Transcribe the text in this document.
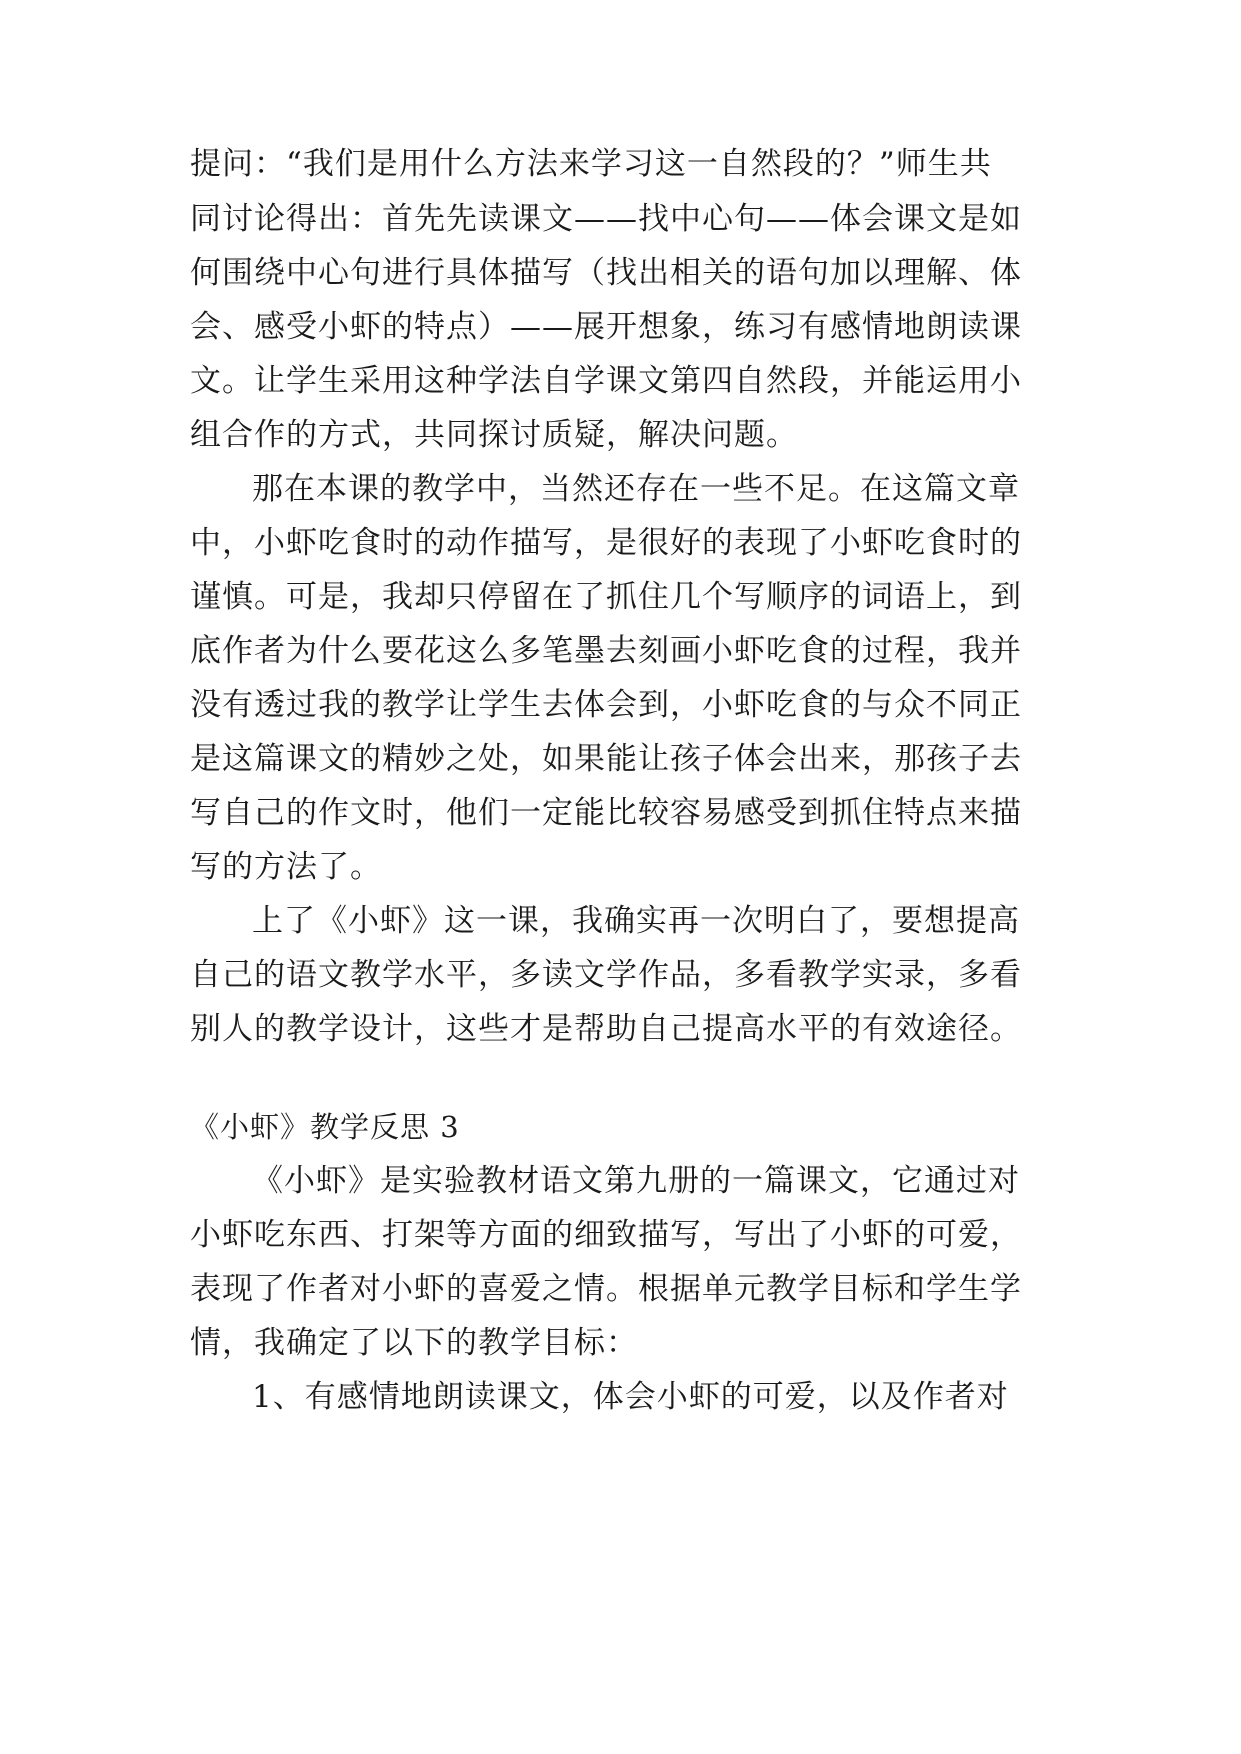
提问：“我们是用什么方法来学习这一自然段的？”师生共
同讨论得出：首先先读课文——找中心句——体会课文是如
何围绕中心句进行具体描写（找出相关的语句加以理解、体
会、感受小虾的特点）——展开想象，练习有感情地朗读课
文。让学生采用这种学法自学课文第四自然段，并能运用小
组合作的方式，共同探讨质疑，解决问题。
那在本课的教学中，当然还存在一些不足。在这篇文章
中，小虾吃食时的动作描写，是很好的表现了小虾吃食时的
谨慎。可是，我却只停留在了抓住几个写顺序的词语上，到
底作者为什么要花这么多笔墨去刻画小虾吃食的过程，我并
没有透过我的教学让学生去体会到，小虾吃食的与众不同正
是这篇课文的精妙之处，如果能让孩子体会出来，那孩子去
写自己的作文时，他们一定能比较容易感受到抓住特点来描
写的方法了。
上了《小虾》这一课，我确实再一次明白了，要想提高
自己的语文教学水平，多读文学作品，多看教学实录，多看
别人的教学设计，这些才是帮助自己提高水平的有效途径。
《小虾》教学反思 3
《小虾》是实验教材语文第九册的一篇课文，它通过对
小虾吃东西、打架等方面的细致描写，写出了小虾的可爱，
表现了作者对小虾的喜爱之情。根据单元教学目标和学生学
情，我确定了以下的教学目标：
1、有感情地朗读课文，体会小虾的可爱，以及作者对
